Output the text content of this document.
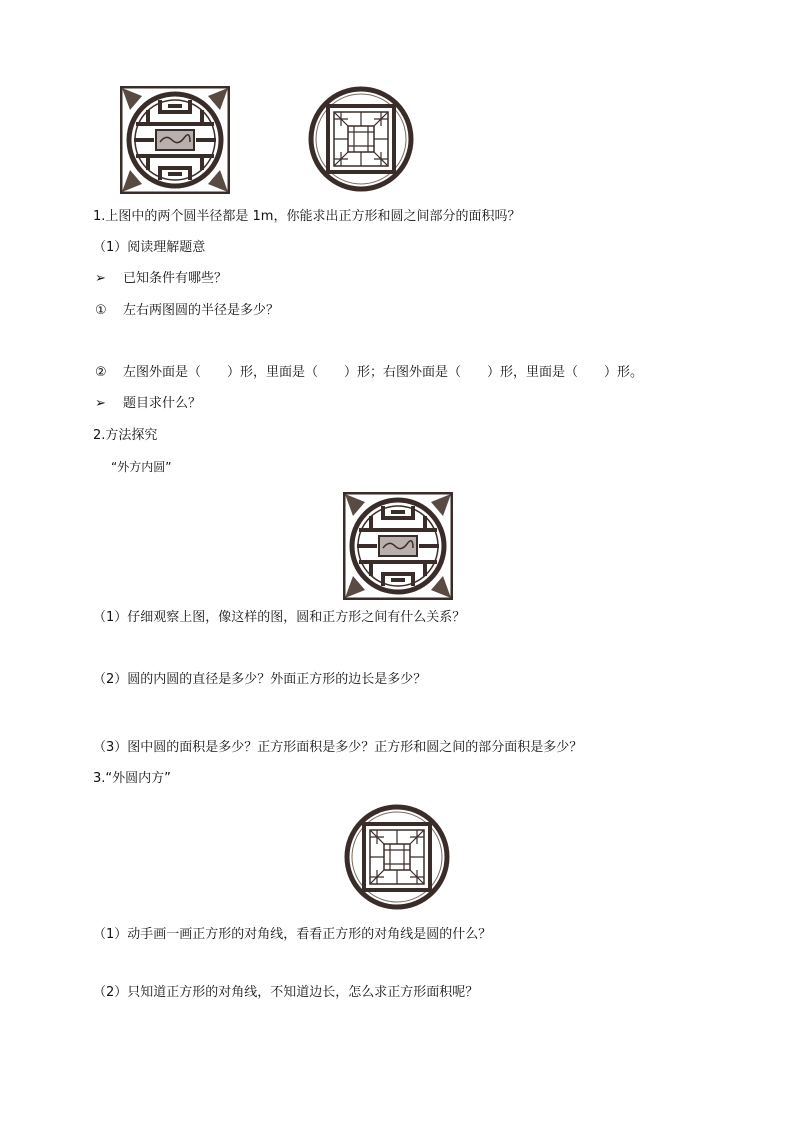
1.上图中的两个圆半径都是 1m，你能求出正方形和圆之间部分的面积吗？
（1）阅读理解题意
➢ 已知条件有哪些？
① 左右两图圆的半径是多少？
② 左图外面是（　　）形，里面是（　　）形；右图外面是（　　）形，里面是（　　）形。
➢ 题目求什么？
2.方法探究
“外方内圆”
（1）仔细观察上图，像这样的图，圆和正方形之间有什么关系？
（2）圆的内圆的直径是多少？外面正方形的边长是多少？
（3）图中圆的面积是多少？正方形面积是多少？正方形和圆之间的部分面积是多少？
3.“外圆内方”
（1）动手画一画正方形的对角线，看看正方形的对角线是圆的什么？
（2）只知道正方形的对角线，不知道边长，怎么求正方形面积呢？
